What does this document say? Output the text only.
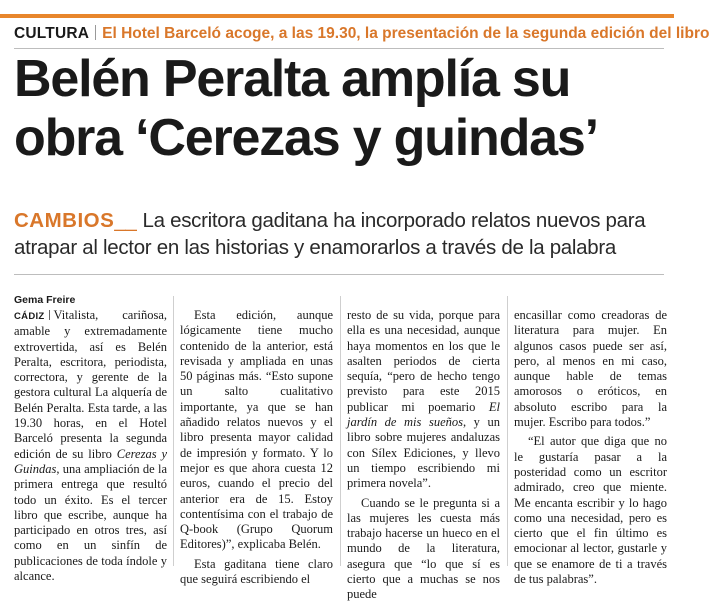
CULTURA El Hotel Barceló acoge, a las 19.30, la presentación de la segunda edición del libro
Belén Peralta amplía su
obra ‘Cerezas y guindas’
CAMBIOS__ La escritora gaditana ha incorporado relatos nuevos para
atrapar al lector en las historias y enamorarlos a través de la palabra
Gema Freire

CÁDIZ Vitalista, cariñosa, amable y extremadamente extrovertida, así es Belén Peralta, escritora, periodista, correctora, y gerente de la gestora cultural La alquería de Belén Peralta. Esta tarde, a las 19.30 horas, en el Hotel Barceló presenta la segunda edición de su libro Cerezas y Guindas, una ampliación de la primera entrega que resultó todo un éxito. Es el tercer libro que escribe, aunque ha participado en otros tres, así como en un sinfín de publicaciones de toda índole y alcance.

Esta edición, aunque lógicamente tiene mucho contenido de la anterior, está revisada y ampliada en unas 50 páginas más. “Esto supone un salto cualitativo importante, ya que se han añadido relatos nuevos y el libro presenta mayor calidad de impresión y formato. Y lo mejor es que ahora cuesta 12 euros, cuando el precio del anterior era de 15. Estoy contentísima con el trabajo de Q-book (Grupo Quorum Editores)”, explicaba Belén.

Esta gaditana tiene claro que seguirá escribiendo el

resto de su vida, porque para ella es una necesidad, aunque haya momentos en los que le asalten periodos de cierta sequía, “pero de hecho tengo previsto para este 2015 publicar mi poemario El jardín de mis sueños, y un libro sobre mujeres andaluzas con Sílex Ediciones, y llevo un tiempo escribiendo mi primera novela”.

Cuando se le pregunta si a las mujeres les cuesta más trabajo hacerse un hueco en el mundo de la literatura, asegura que “lo que sí es cierto que a muchas se nos puede

encasillar como creadoras de literatura para mujer. En algunos casos puede ser así, pero, al menos en mi caso, aunque hable de temas amorosos o eróticos, en absoluto escribo para la mujer. Escribo para todos.”

“El autor que diga que no le gustaría pasar a la posteridad como un escritor admirado, creo que miente. Me encanta escribir y lo hago como una necesidad, pero es cierto que el fin último es emocionar al lector, gustarle y que se enamore de ti a través de tus palabras”.
